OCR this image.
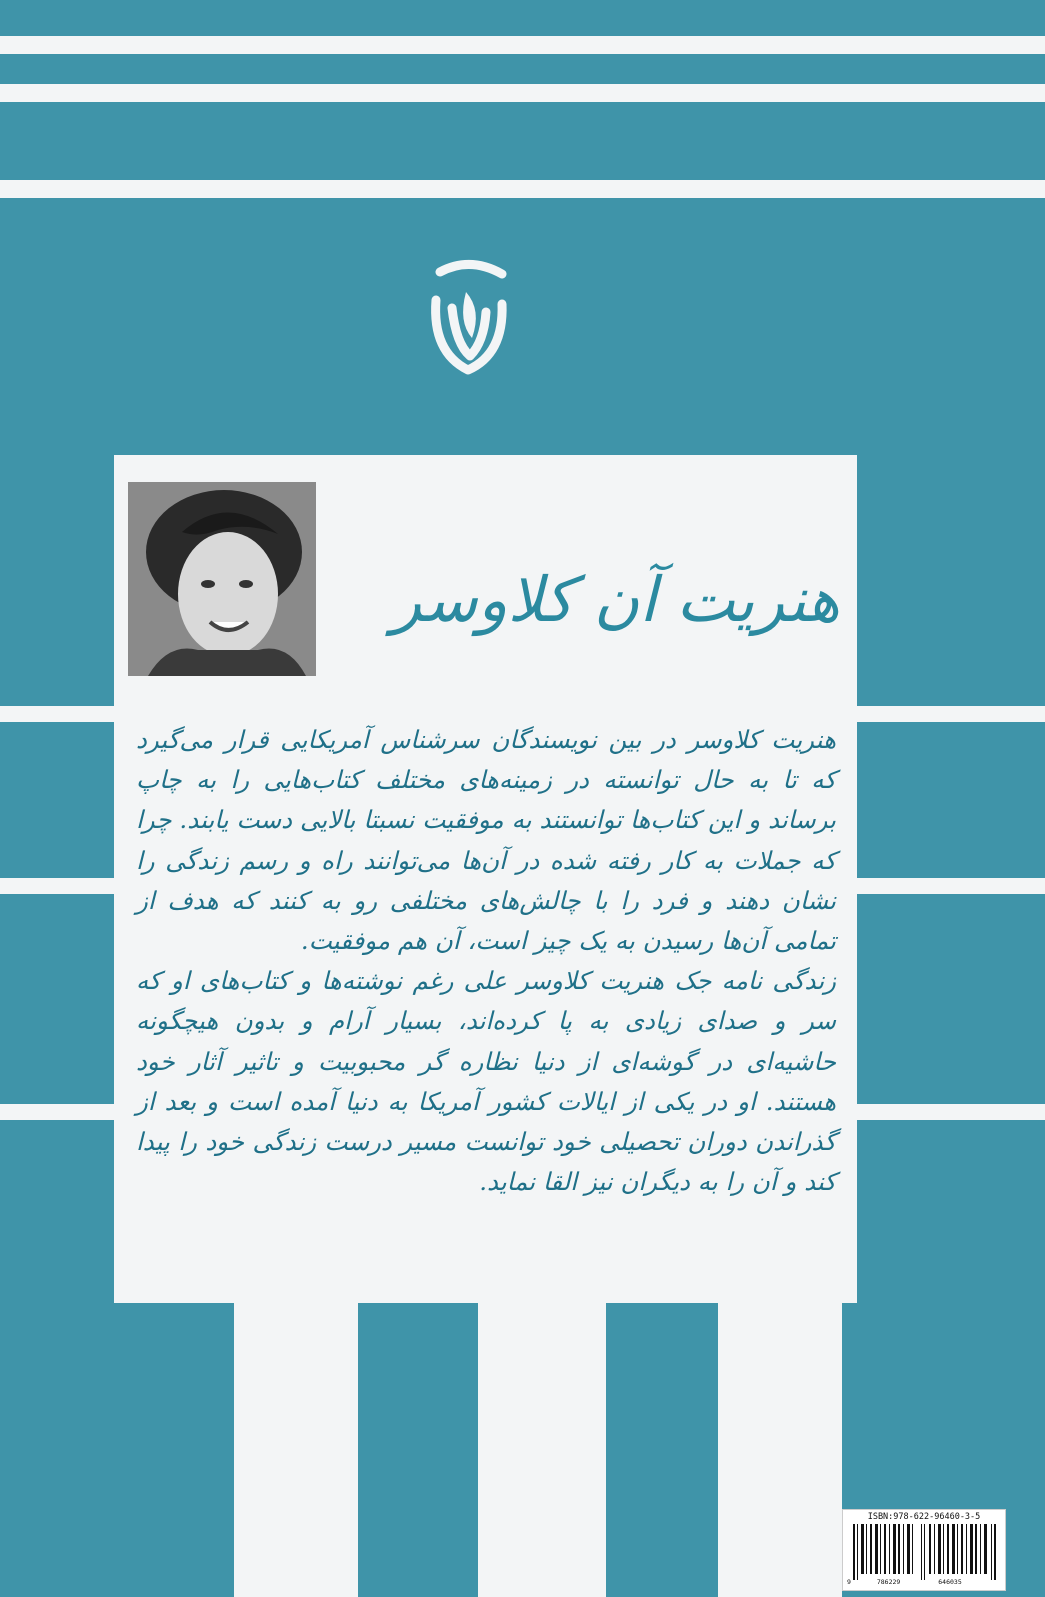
هنریت آن کلاوسر

هنریت کلاوسر در بین نویسندگان سرشناس آمریکایی قرار می‌گیرد که تا به حال توانسته در زمینه‌های مختلف کتاب‌هایی را به چاپ برساند و این کتاب‌ها توانستند به موفقیت نسبتا بالایی دست یابند. چرا که جملات به کار رفته شده در آن‌ها می‌توانند راه و رسم زندگی را نشان دهند و فرد را با چالش‌های مختلفی رو به کنند که هدف از تمامی آن‌ها رسیدن به یک چیز است، آن هم موفقیت.

زندگی نامه جک هنریت کلاوسر علی رغم نوشته‌ها و کتاب‌های او که سر و صدای زیادی به پا کرده‌اند، بسیار آرام و بدون هیچگونه حاشیه‌ای در گوشه‌ای از دنیا نظاره گر محبوبیت و تاثیر آثار خود هستند. او در یکی از ایالات کشور آمریکا به دنیا آمده است و بعد از گذراندن دوران تحصیلی خود توانست مسیر درست زندگی خود را پیدا کند و آن را به دیگران نیز القا نماید.

ISBN:978-622-96460-3-5
9	786229	646035
